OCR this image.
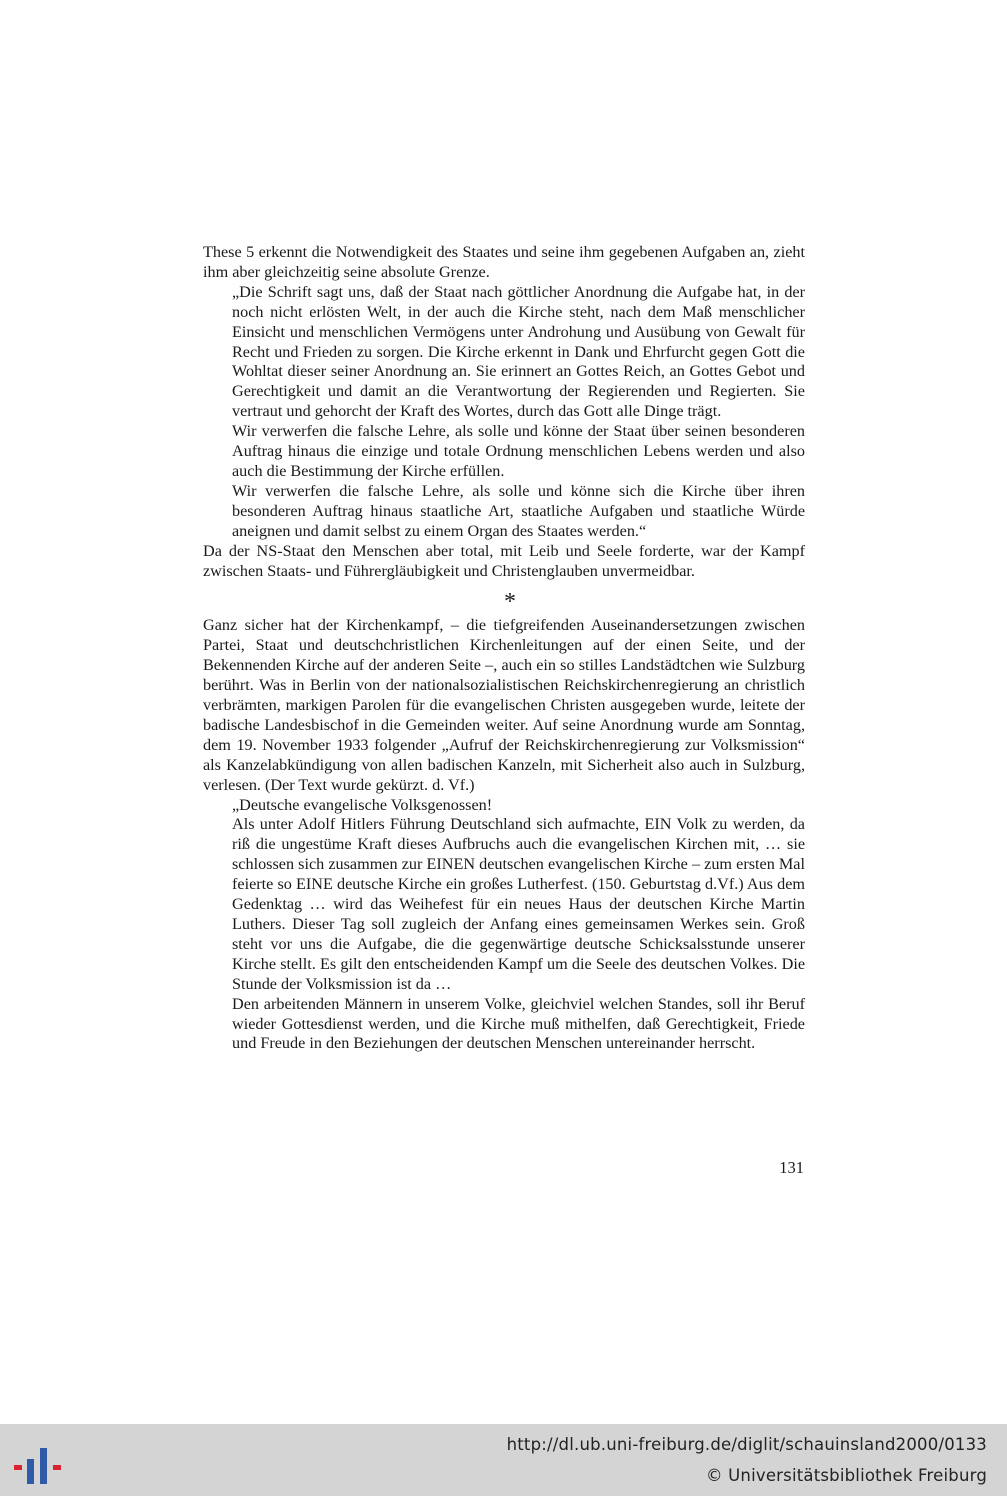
These 5 erkennt die Notwendigkeit des Staates und seine ihm gegebenen Aufgaben an, zieht ihm aber gleichzeitig seine absolute Grenze.

„Die Schrift sagt uns, daß der Staat nach göttlicher Anordnung die Aufgabe hat, in der noch nicht erlösten Welt, in der auch die Kirche steht, nach dem Maß menschlicher Einsicht und menschlichen Vermögens unter Androhung und Ausübung von Gewalt für Recht und Frieden zu sorgen. Die Kirche erkennt in Dank und Ehrfurcht gegen Gott die Wohltat dieser seiner Anordnung an. Sie erinnert an Gottes Reich, an Gottes Gebot und Gerechtigkeit und damit an die Verantwortung der Regierenden und Regierten. Sie vertraut und gehorcht der Kraft des Wortes, durch das Gott alle Dinge trägt.

Wir verwerfen die falsche Lehre, als solle und könne der Staat über seinen besonderen Auftrag hinaus die einzige und totale Ordnung menschlichen Lebens werden und also auch die Bestimmung der Kirche erfüllen.

Wir verwerfen die falsche Lehre, als solle und könne sich die Kirche über ihren besonderen Auftrag hinaus staatliche Art, staatliche Aufgaben und staatliche Würde aneignen und damit selbst zu einem Organ des Staates werden.“

Da der NS-Staat den Menschen aber total, mit Leib und Seele forderte, war der Kampf zwischen Staats- und Führergläubigkeit und Christenglauben unvermeidbar.

*

Ganz sicher hat der Kirchenkampf, – die tiefgreifenden Auseinandersetzungen zwischen Partei, Staat und deutschchristlichen Kirchenleitungen auf der einen Seite, und der Bekennenden Kirche auf der anderen Seite –, auch ein so stilles Landstädtchen wie Sulzburg berührt. Was in Berlin von der nationalsozialistischen Reichskirchenregierung an christlich verbrämten, markigen Parolen für die evangelischen Christen ausgegeben wurde, leitete der badische Landesbischof in die Gemeinden weiter. Auf seine Anordnung wurde am Sonntag, dem 19. November 1933 folgender „Aufruf der Reichskirchenregierung zur Volksmission“ als Kanzelabkündigung von allen badischen Kanzeln, mit Sicherheit also auch in Sulzburg, verlesen. (Der Text wurde gekürzt. d. Vf.)

„Deutsche evangelische Volksgenossen!

Als unter Adolf Hitlers Führung Deutschland sich aufmachte, EIN Volk zu werden, da riß die ungestüme Kraft dieses Aufbruchs auch die evangelischen Kirchen mit, … sie schlossen sich zusammen zur EINEN deutschen evangelischen Kirche – zum ersten Mal feierte so EINE deutsche Kirche ein großes Lutherfest. (150. Geburtstag d.Vf.) Aus dem Gedenktag … wird das Weihefest für ein neues Haus der deutschen Kirche Martin Luthers. Dieser Tag soll zugleich der Anfang eines gemeinsamen Werkes sein. Groß steht vor uns die Aufgabe, die die gegenwärtige deutsche Schicksalsstunde unserer Kirche stellt. Es gilt den entscheidenden Kampf um die Seele des deutschen Volkes. Die Stunde der Volksmission ist da …

Den arbeitenden Männern in unserem Volke, gleichviel welchen Standes, soll ihr Beruf wieder Gottesdienst werden, und die Kirche muß mithelfen, daß Gerechtigkeit, Friede und Freude in den Beziehungen der deutschen Menschen untereinander herrscht.

131
http://dl.ub.uni-freiburg.de/diglit/schauinsland2000/0133
© Universitätsbibliothek Freiburg
